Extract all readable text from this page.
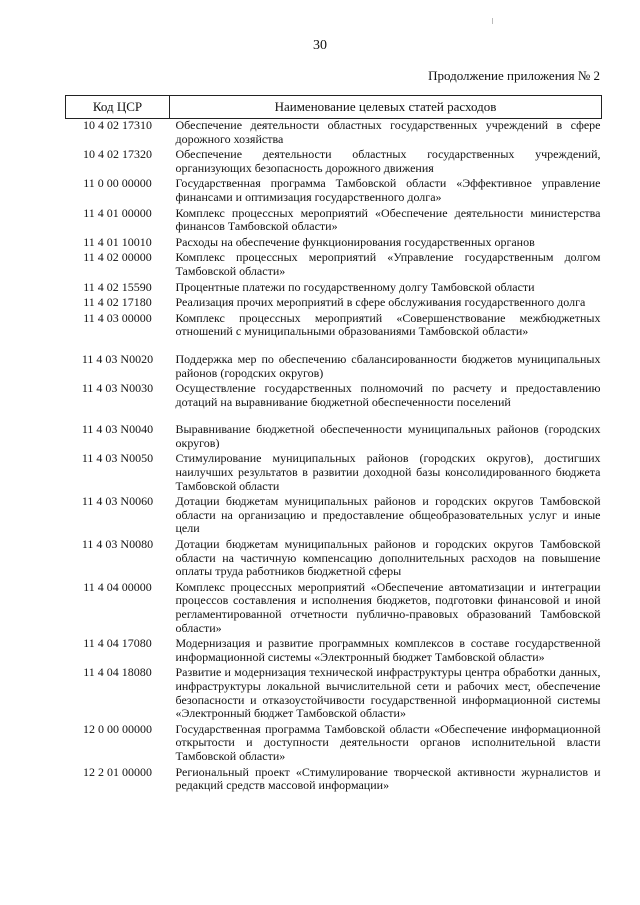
30
Продолжение приложения № 2
Код ЦСР	Наименование целевых статей расходов
10 4 02 17310	Обеспечение деятельности областных государственных учреждений в сфере дорожного хозяйства
10 4 02 17320	Обеспечение деятельности областных государственных учреждений, организующих безопасность дорожного движения
11 0 00 00000	Государственная программа Тамбовской области «Эффективное управление финансами и оптимизация государственного долга»
11 4 01 00000	Комплекс процессных мероприятий «Обеспечение деятельности министерства финансов Тамбовской области»
11 4 01 10010	Расходы на обеспечение функционирования государственных органов
11 4 02 00000	Комплекс процессных мероприятий «Управление государственным долгом Тамбовской области»
11 4 02 15590	Процентные платежи по государственному долгу Тамбовской области
11 4 02 17180	Реализация прочих мероприятий в сфере обслуживания государственного долга
11 4 03 00000	Комплекс процессных мероприятий «Совершенствование межбюджетных отношений с муниципальными образованиями Тамбовской области»
11 4 03 N0020	Поддержка мер по обеспечению сбалансированности бюджетов муниципальных районов (городских округов)
11 4 03 N0030	Осуществление государственных полномочий по расчету и предоставлению дотаций на выравнивание бюджетной обеспеченности поселений
11 4 03 N0040	Выравнивание бюджетной обеспеченности муниципальных районов (городских округов)
11 4 03 N0050	Стимулирование муниципальных районов (городских округов), достигших наилучших результатов в развитии доходной базы консолидированного бюджета Тамбовской области
11 4 03 N0060	Дотации бюджетам муниципальных районов и городских округов Тамбовской области на организацию и предоставление общеобразовательных услуг и иные цели
11 4 03 N0080	Дотации бюджетам муниципальных районов и городских округов Тамбовской области на частичную компенсацию дополнительных расходов на повышение оплаты труда работников бюджетной сферы
11 4 04 00000	Комплекс процессных мероприятий «Обеспечение автоматизации и интеграции процессов составления и исполнения бюджетов, подготовки финансовой и иной регламентированной отчетности публично-правовых образований Тамбовской области»
11 4 04 17080	Модернизация и развитие программных комплексов в составе государственной информационной системы «Электронный бюджет Тамбовской области»
11 4 04 18080	Развитие и модернизация технической инфраструктуры центра обработки данных, инфраструктуры локальной вычислительной сети и рабочих мест, обеспечение безопасности и отказоустойчивости государственной информационной системы «Электронный бюджет Тамбовской области»
12 0 00 00000	Государственная программа Тамбовской области «Обеспечение информационной открытости и доступности деятельности органов исполнительной власти Тамбовской области»
12 2 01 00000	Региональный проект «Стимулирование творческой активности журналистов и редакций средств массовой информации»
